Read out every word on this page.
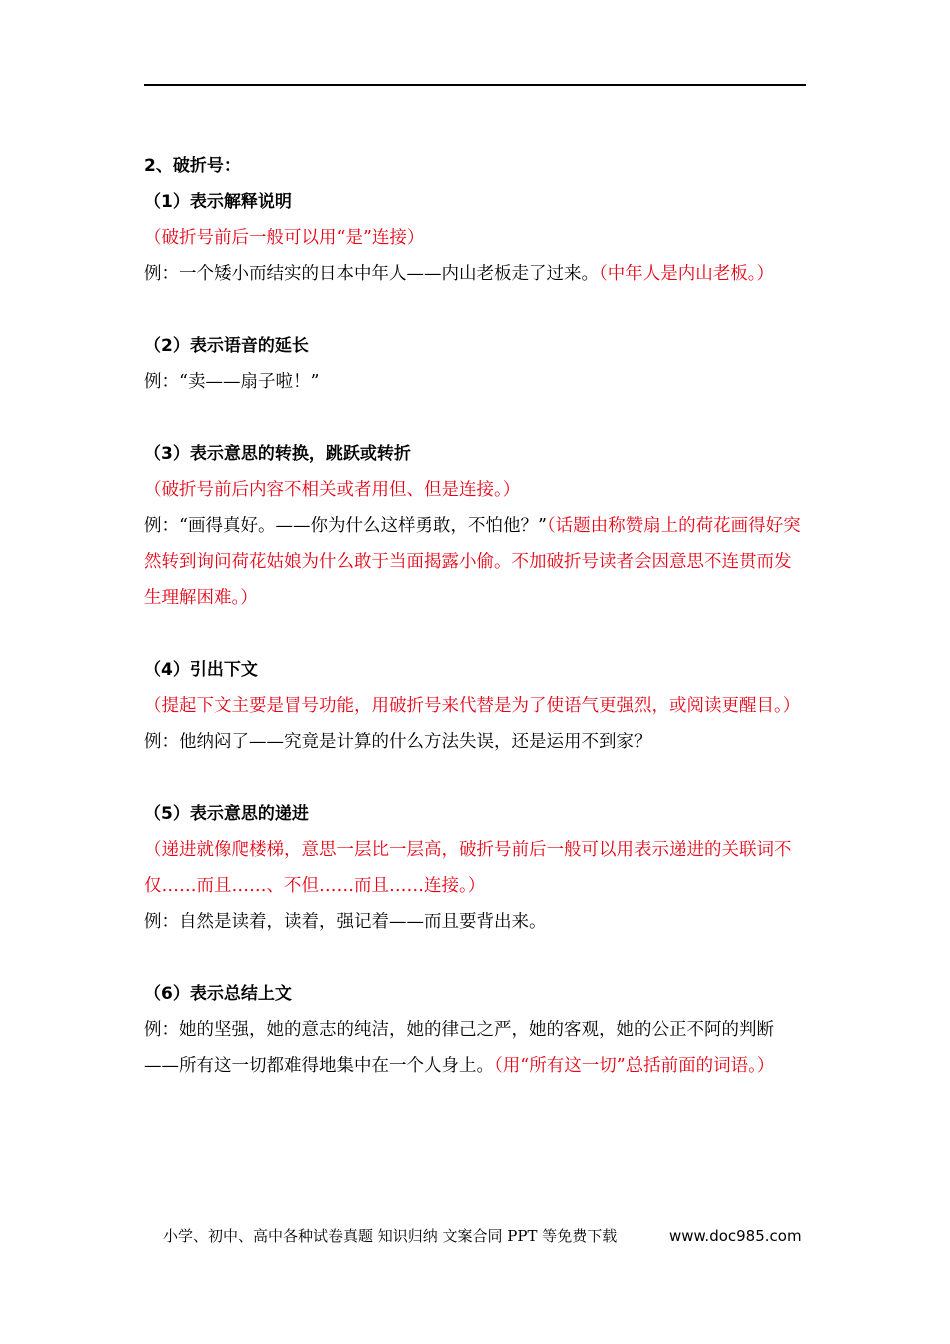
2、破折号：
（1）表示解释说明
（破折号前后一般可以用“是”连接）
例：一个矮小而结实的日本中年人——内山老板走了过来。（中年人是内山老板。）
（2）表示语音的延长
例：“卖——扇子啦！”
（3）表示意思的转换，跳跃或转折
（破折号前后内容不相关或者用但、但是连接。）
例：“画得真好。——你为什么这样勇敢，不怕他？”（话题由称赞扇上的荷花画得好突然转到询问荷花姑娘为什么敢于当面揭露小偷。不加破折号读者会因意思不连贯而发生理解困难。）
（4）引出下文
（提起下文主要是冒号功能，用破折号来代替是为了使语气更强烈，或阅读更醒目。）
例：他纳闷了——究竟是计算的什么方法失误，还是运用不到家？
（5）表示意思的递进
（递进就像爬楼梯，意思一层比一层高，破折号前后一般可以用表示递进的关联词不仅……而且……、不但……而且……连接。）
例：自然是读着，读着，强记着——而且要背出来。
（6）表示总结上文
例：她的坚强，她的意志的纯洁，她的律己之严，她的客观，她的公正不阿的判断——所有这一切都难得地集中在一个人身上。（用“所有这一切”总括前面的词语。）
小学、初中、高中各种试卷真题 知识归纳 文案合同 PPT 等免费下载	www.doc985.com
